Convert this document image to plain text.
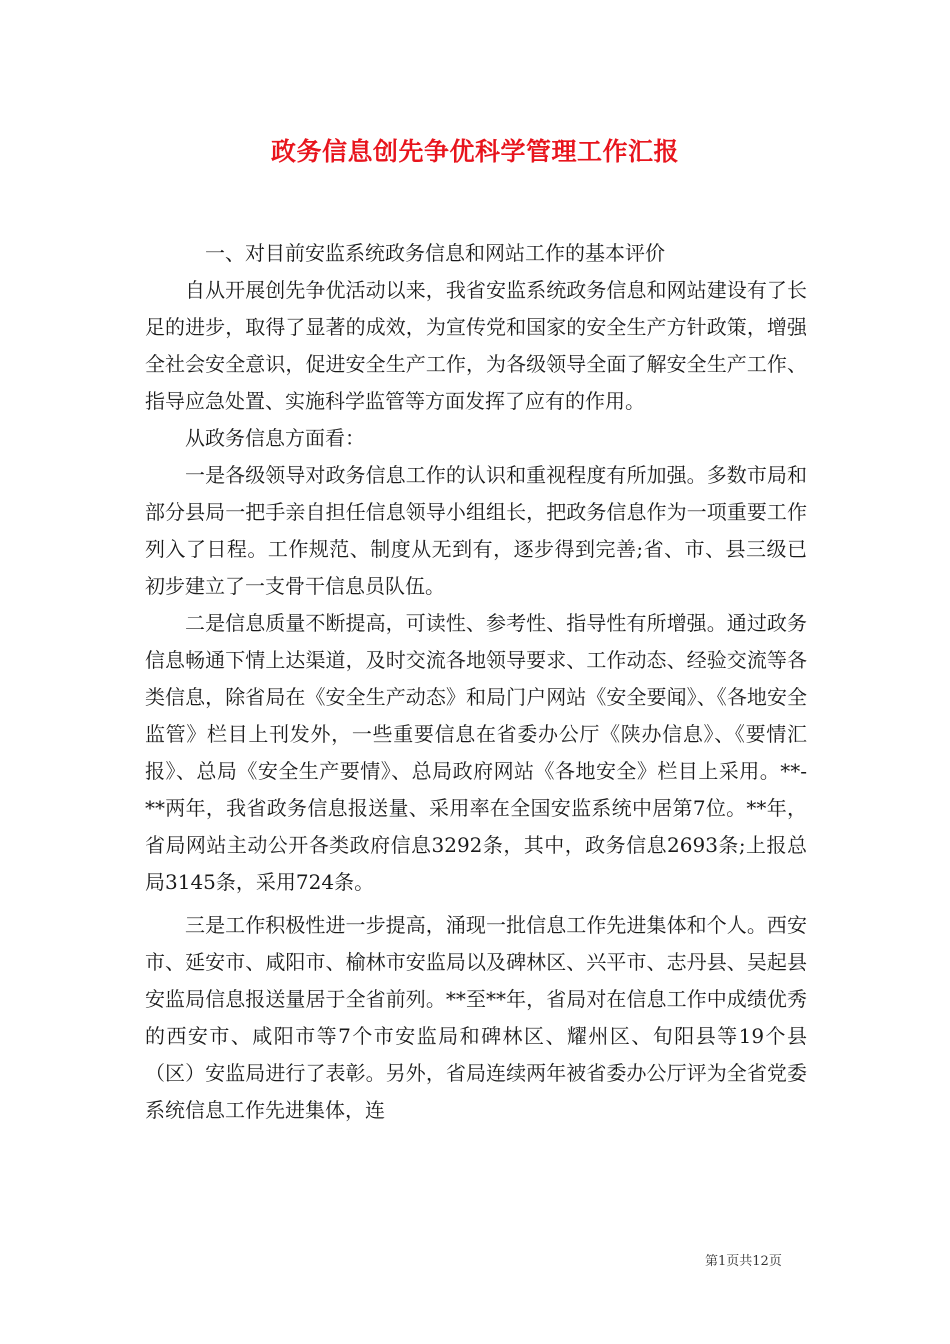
政务信息创先争优科学管理工作汇报

一、对目前安监系统政务信息和网站工作的基本评价

自从开展创先争优活动以来，我省安监系统政务信息和网站建设有了长足的进步，取得了显著的成效，为宣传党和国家的安全生产方针政策，增强全社会安全意识，促进安全生产工作，为各级领导全面了解安全生产工作、指导应急处置、实施科学监管等方面发挥了应有的作用。

从政务信息方面看：

一是各级领导对政务信息工作的认识和重视程度有所加强。多数市局和部分县局一把手亲自担任信息领导小组组长，把政务信息作为一项重要工作列入了日程。工作规范、制度从无到有，逐步得到完善;省、市、县三级已初步建立了一支骨干信息员队伍。

二是信息质量不断提高，可读性、参考性、指导性有所增强。通过政务信息畅通下情上达渠道，及时交流各地领导要求、工作动态、经验交流等各类信息，除省局在《安全生产动态》和局门户网站《安全要闻》、《各地安全监管》栏目上刊发外，一些重要信息在省委办公厅《陕办信息》、《要情汇报》、总局《安全生产要情》、总局政府网站《各地安全》栏目上采用。**-**两年，我省政务信息报送量、采用率在全国安监系统中居第7位。**年，省局网站主动公开各类政府信息3292条，其中，政务信息2693条;上报总局3145条，采用724条。

三是工作积极性进一步提高，涌现一批信息工作先进集体和个人。西安市、延安市、咸阳市、榆林市安监局以及碑林区、兴平市、志丹县、吴起县安监局信息报送量居于全省前列。**至**年，省局对在信息工作中成绩优秀的西安市、咸阳市等7个市安监局和碑林区、耀州区、旬阳县等19个县（区）安监局进行了表彰。另外，省局连续两年被省委办公厅评为全省党委系统信息工作先进集体，连

第1页共12页
